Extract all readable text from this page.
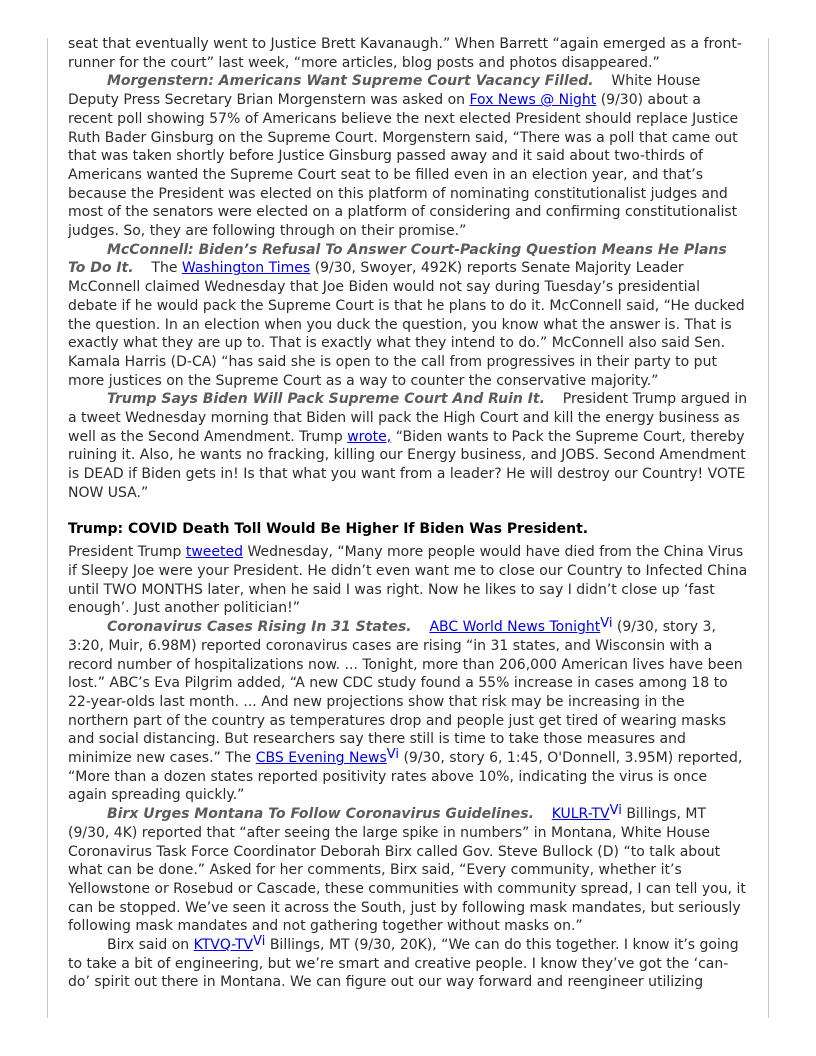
seat that eventually went to Justice Brett Kavanaugh.” When Barrett “again emerged as a front-runner for the court” last week, “more articles, blog posts and photos disappeared.”

Morgenstern: Americans Want Supreme Court Vacancy Filled. White House Deputy Press Secretary Brian Morgenstern was asked on Fox News @ Night (9/30) about a recent poll showing 57% of Americans believe the next elected President should replace Justice Ruth Bader Ginsburg on the Supreme Court. Morgenstern said, “There was a poll that came out that was taken shortly before Justice Ginsburg passed away and it said about two-thirds of Americans wanted the Supreme Court seat to be filled even in an election year, and that’s because the President was elected on this platform of nominating constitutionalist judges and most of the senators were elected on a platform of considering and confirming constitutionalist judges. So, they are following through on their promise.”

McConnell: Biden’s Refusal To Answer Court-Packing Question Means He Plans To Do It. The Washington Times (9/30, Swoyer, 492K) reports Senate Majority Leader McConnell claimed Wednesday that Joe Biden would not say during Tuesday’s presidential debate if he would pack the Supreme Court is that he plans to do it. McConnell said, “He ducked the question. In an election when you duck the question, you know what the answer is. That is exactly what they are up to. That is exactly what they intend to do.” McConnell also said Sen. Kamala Harris (D-CA) “has said she is open to the call from progressives in their party to put more justices on the Supreme Court as a way to counter the conservative majority.”

Trump Says Biden Will Pack Supreme Court And Ruin It. President Trump argued in a tweet Wednesday morning that Biden will pack the High Court and kill the energy business as well as the Second Amendment. Trump wrote, “Biden wants to Pack the Supreme Court, thereby ruining it. Also, he wants no fracking, killing our Energy business, and JOBS. Second Amendment is DEAD if Biden gets in! Is that what you want from a leader? He will destroy our Country! VOTE NOW USA.”

Trump: COVID Death Toll Would Be Higher If Biden Was President.

President Trump tweeted Wednesday, “Many more people would have died from the China Virus if Sleepy Joe were your President. He didn’t even want me to close our Country to Infected China until TWO MONTHS later, when he said I was right. Now he likes to say I didn’t close up ‘fast enough’. Just another politician!”

Coronavirus Cases Rising In 31 States. ABC World News TonightVi (9/30, story 3, 3:20, Muir, 6.98M) reported coronavirus cases are rising “in 31 states, and Wisconsin with a record number of hospitalizations now. ... Tonight, more than 206,000 American lives have been lost.” ABC’s Eva Pilgrim added, “A new CDC study found a 55% increase in cases among 18 to 22-year-olds last month. ... And new projections show that risk may be increasing in the northern part of the country as temperatures drop and people just get tired of wearing masks and social distancing. But researchers say there still is time to take those measures and minimize new cases.” The CBS Evening NewsVi (9/30, story 6, 1:45, O'Donnell, 3.95M) reported, “More than a dozen states reported positivity rates above 10%, indicating the virus is once again spreading quickly.”

Birx Urges Montana To Follow Coronavirus Guidelines. KULR-TVVi Billings, MT (9/30, 4K) reported that “after seeing the large spike in numbers” in Montana, White House Coronavirus Task Force Coordinator Deborah Birx called Gov. Steve Bullock (D) “to talk about what can be done.” Asked for her comments, Birx said, “Every community, whether it’s Yellowstone or Rosebud or Cascade, these communities with community spread, I can tell you, it can be stopped. We’ve seen it across the South, just by following mask mandates, but seriously following mask mandates and not gathering together without masks on.”

Birx said on KTVQ-TVVi Billings, MT (9/30, 20K), “We can do this together. I know it’s going to take a bit of engineering, but we’re smart and creative people. I know they’ve got the ‘can-do’ spirit out there in Montana. We can figure out our way forward and reengineer utilizing
